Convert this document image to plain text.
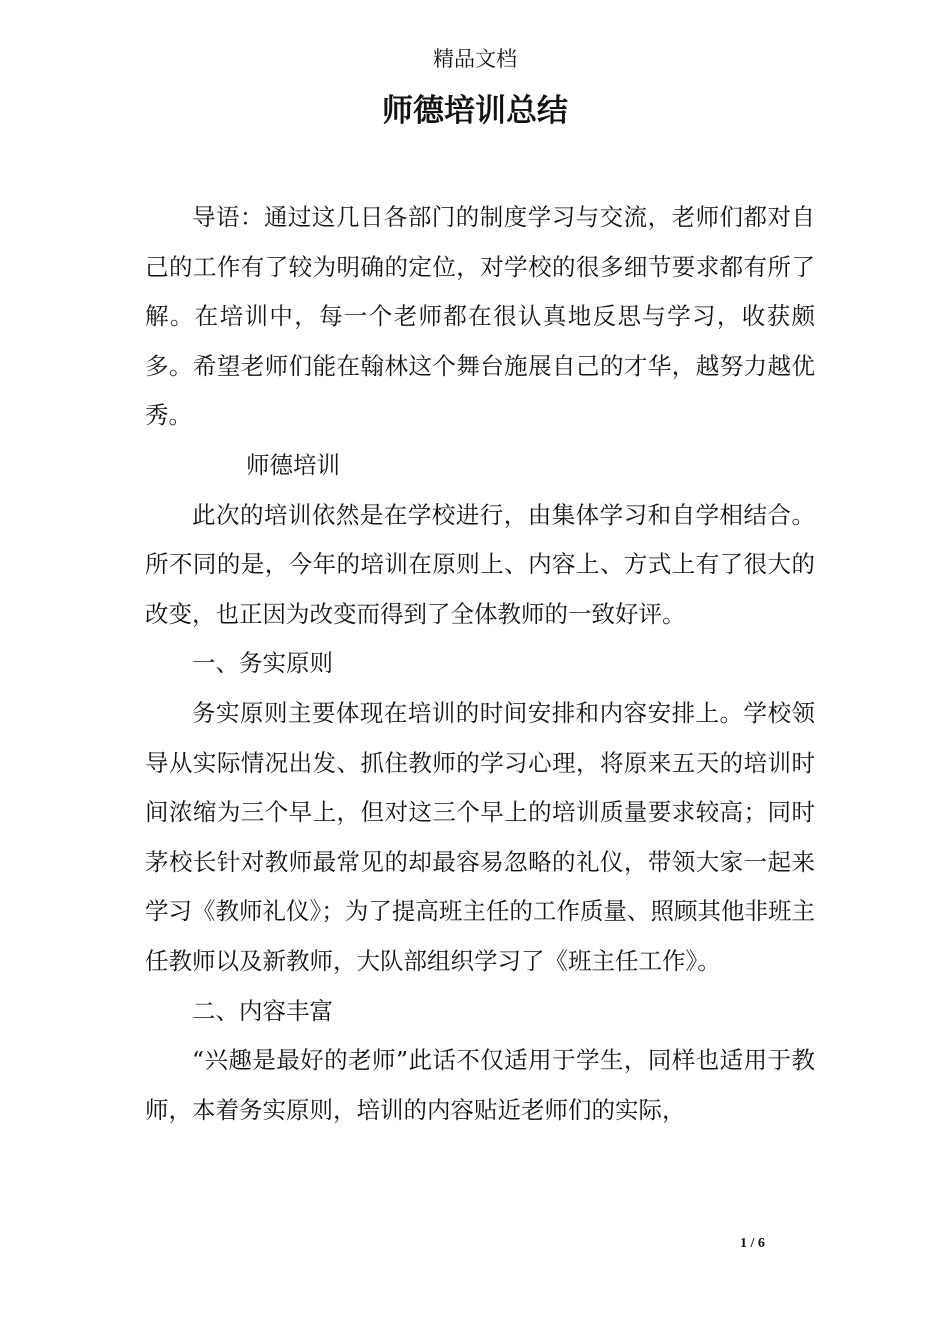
精品文档
师德培训总结

导语：通过这几日各部门的制度学习与交流，老师们都对自己的工作有了较为明确的定位，对学校的很多细节要求都有所了解。在培训中，每一个老师都在很认真地反思与学习，收获颇多。希望老师们能在翰林这个舞台施展自己的才华，越努力越优秀。

师德培训

此次的培训依然是在学校进行，由集体学习和自学相结合。所不同的是，今年的培训在原则上、内容上、方式上有了很大的改变，也正因为改变而得到了全体教师的一致好评。

一、务实原则

务实原则主要体现在培训的时间安排和内容安排上。学校领导从实际情况出发、抓住教师的学习心理，将原来五天的培训时间浓缩为三个早上，但对这三个早上的培训质量要求较高；同时茅校长针对教师最常见的却最容易忽略的礼仪，带领大家一起来学习《教师礼仪》；为了提高班主任的工作质量、照顾其他非班主任教师以及新教师，大队部组织学习了《班主任工作》。

二、内容丰富

“兴趣是最好的老师”此话不仅适用于学生，同样也适用于教师，本着务实原则，培训的内容贴近老师们的实际，

1 / 6
